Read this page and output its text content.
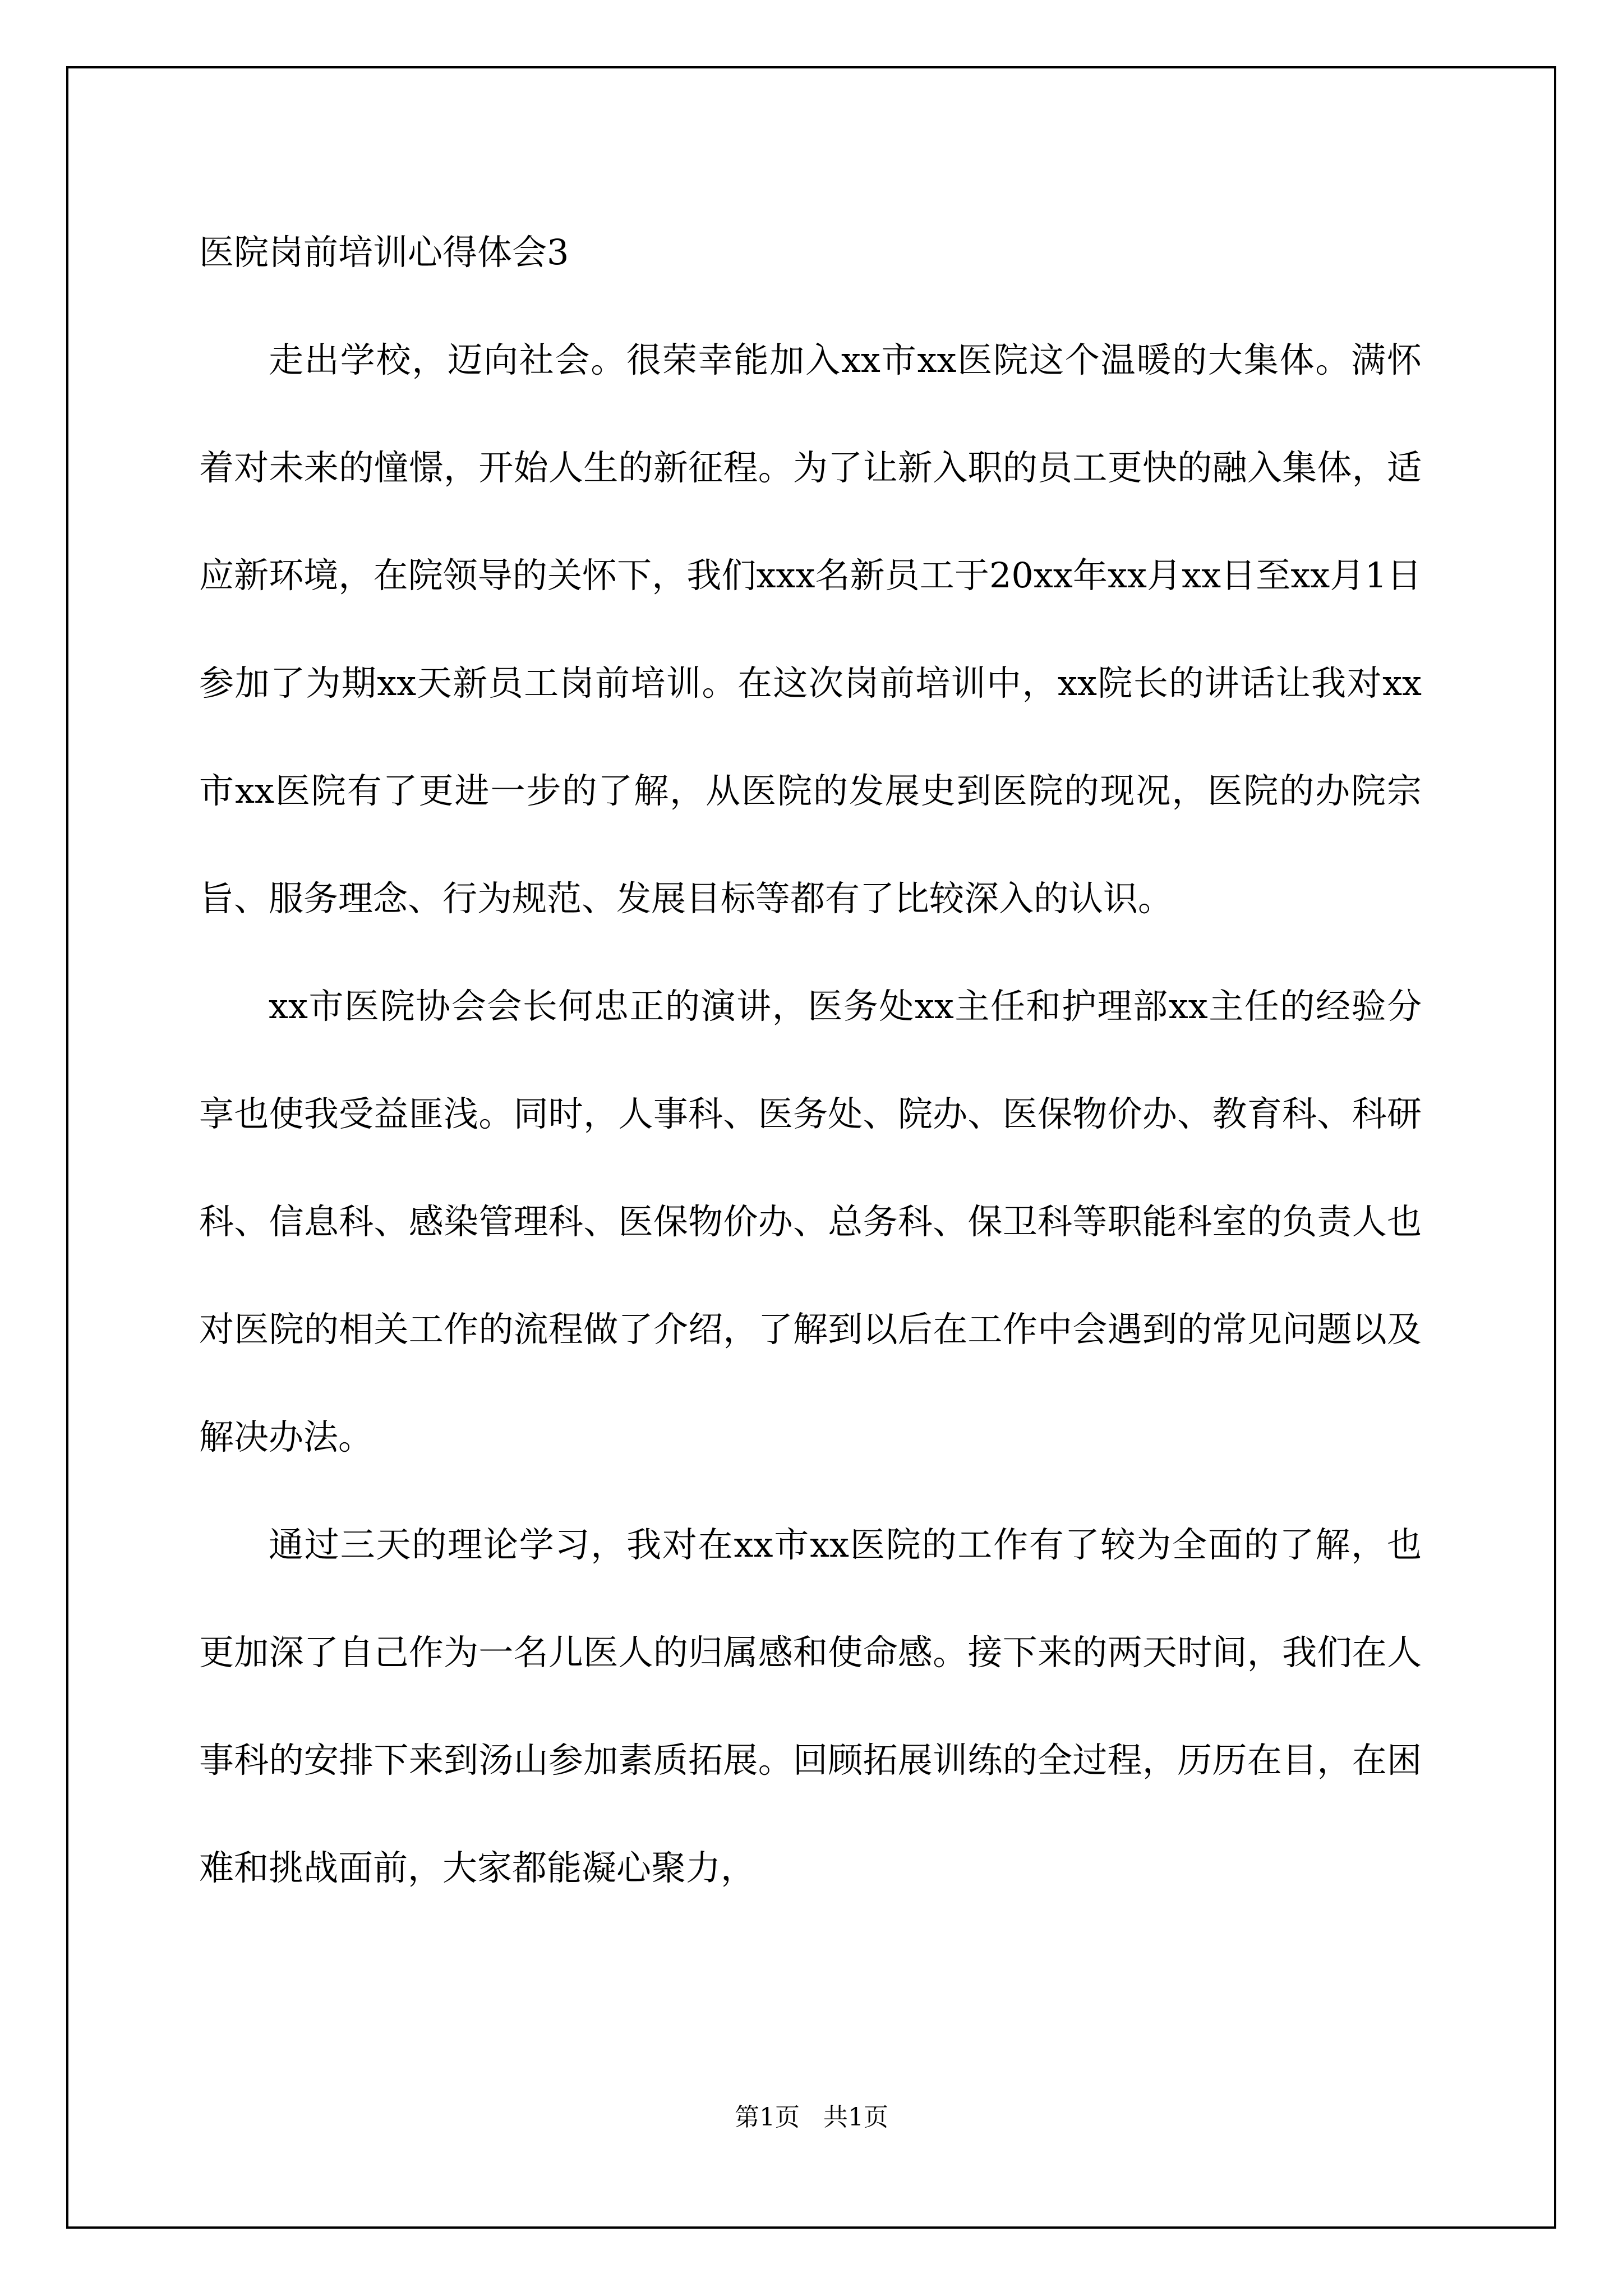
医院岗前培训心得体会3

走出学校，迈向社会。很荣幸能加入xx市xx医院这个温暖的大集体。满怀着对未来的憧憬，开始人生的新征程。为了让新入职的员工更快的融入集体，适应新环境，在院领导的关怀下，我们xxx名新员工于20xx年xx月xx日至xx月1日参加了为期xx天新员工岗前培训。在这次岗前培训中，xx院长的讲话让我对xx市xx医院有了更进一步的了解，从医院的发展史到医院的现况，医院的办院宗旨、服务理念、行为规范、发展目标等都有了比较深入的认识。

xx市医院协会会长何忠正的演讲，医务处xx主任和护理部xx主任的经验分享也使我受益匪浅。同时，人事科、医务处、院办、医保物价办、教育科、科研科、信息科、感染管理科、医保物价办、总务科、保卫科等职能科室的负责人也对医院的相关工作的流程做了介绍，了解到以后在工作中会遇到的常见问题以及解决办法。

通过三天的理论学习，我对在xx市xx医院的工作有了较为全面的了解，也更加深了自己作为一名儿医人的归属感和使命感。接下来的两天时间，我们在人事科的安排下来到汤山参加素质拓展。回顾拓展训练的全过程，历历在目，在困难和挑战面前，大家都能凝心聚力，

第1页   共1页
